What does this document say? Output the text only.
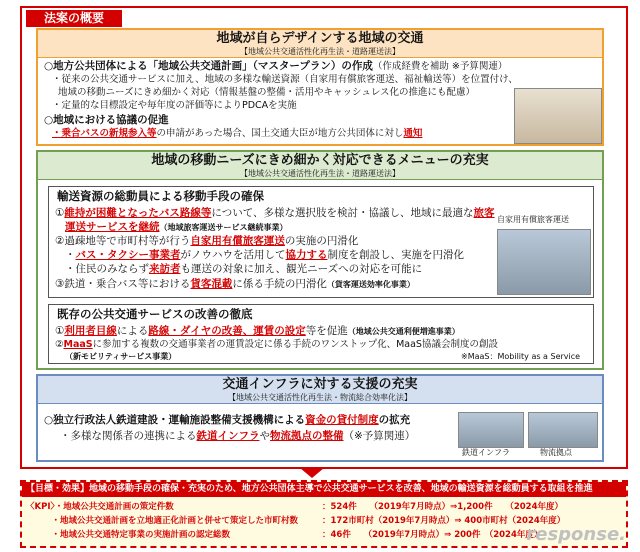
法案の概要
地域が自らデザインする地域の交通
【地域公共交通活性化再生法・道路運送法】
○地方公共団体による「地域公共交通計画」（マスタープラン）の作成（作成経費を補助 ※予算関連）
・従来の公共交通サービスに加え、地域の多様な輸送資源（自家用有償旅客運送、福祉輸送等）を位置付け、
地域の移動ニーズにきめ細かく対応（情報基盤の整備・活用やキャッシュレス化の推進にも配慮）
・定量的な目標設定や毎年度の評価等によりPDCAを実施
○地域における協議の促進
・乗合バスの新規参入等の申請があった場合、国土交通大臣が地方公共団体に対し通知
地域の移動ニーズにきめ細かく対応できるメニューの充実
【地域公共交通活性化再生法・道路運送法】
輸送資源の総動員による移動手段の確保
①維持が困難となったバス路線等について、多様な選択肢を検討・協議し、地域に最適な旅客
運送サービスを継続（地域旅客運送サービス継続事業）
②過疎地等で市町村等が行う自家用有償旅客運送の実施の円滑化
・バス・タクシー事業者がノウハウを活用して協力する制度を創設し、実施を円滑化
・住民のみならず来訪者も運送の対象に加え、観光ニーズへの対応を可能に
③鉄道・乗合バス等における貨客混載に係る手続の円滑化（貨客運送効率化事業）
自家用有償旅客運送
既存の公共交通サービスの改善の徹底
①利用者目線による路線・ダイヤの改善、運賃の設定等を促進（地域公共交通利便増進事業）
②MaaSに参加する複数の交通事業者の運賃設定に係る手続のワンストップ化、MaaS協議会制度の創設
（新モビリティサービス事業）	※MaaS：Mobility as a Service
交通インフラに対する支援の充実
【地域公共交通活性化再生法・物流総合効率化法】
○独立行政法人鉄道建設・運輸施設整備支援機構による資金の貸付制度の拡充
・多様な関係者の連携による鉄道インフラや物流拠点の整備（※予算関連）
鉄道インフラ	物流拠点
【目標・効果】地域の移動手段の確保・充実のため、地方公共団体主導で公共交通サービスを改善、地域の輸送資源を総動員する取組を推進
〈KPI〉・地域公共交通計画の策定件数	：524件　　（2019年7月時点）⇒1,200件　　（2024年度）
　　　・地域公共交通計画を立地適正化計画と併せて策定した市町村数	：172市町村（2019年7月時点）⇒ 400市町村（2024年度）
　　　・地域公共交通特定事業の実施計画の認定総数	：46件　　（2019年7月時点）⇒ 200件　（2024年度）
response.
